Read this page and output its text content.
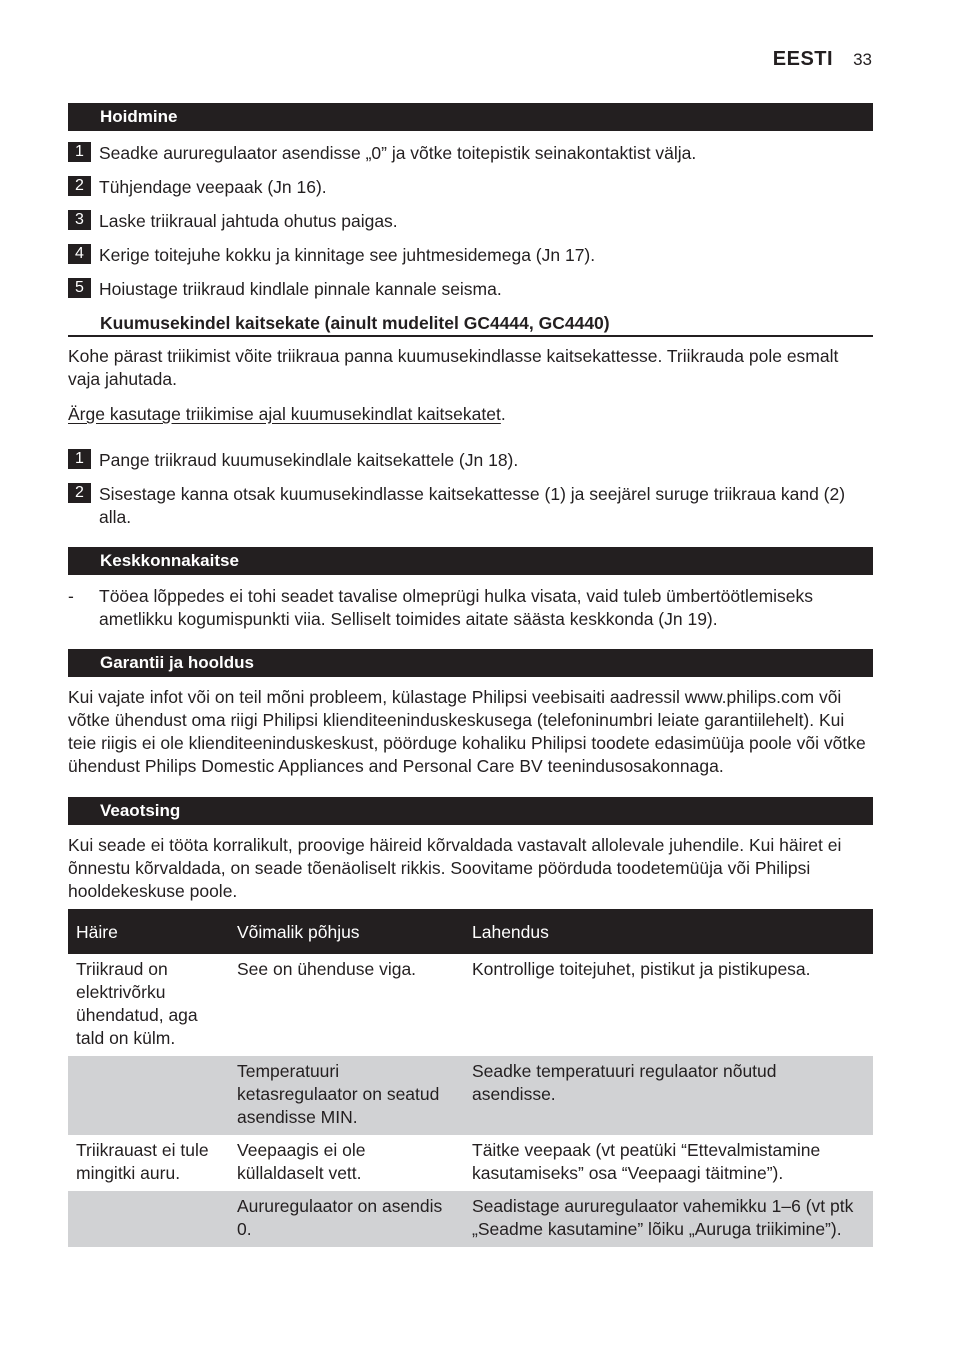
EESTI 33
Hoidmine
1 Seadke aururegulaator asendisse „0” ja võtke toitepistik seinakontaktist välja.
2 Tühjendage veepaak (Jn 16).
3 Laske triikraual jahtuda ohutus paigas.
4 Kerige toitejuhe kokku ja kinnitage see juhtmesidemega (Jn 17).
5 Hoiustage triikraud kindlale pinnale kannale seisma.
Kuumusekindel kaitsekate (ainult mudelitel GC4444, GC4440)
Kohe pärast triikimist võite triikraua panna kuumusekindlasse kaitsekattesse. Triikrauda pole esmalt vaja jahutada.
Ärge kasutage triikimise ajal kuumusekindlat kaitsekatet.
1 Pange triikraud kuumusekindlale kaitsekattele (Jn 18).
2 Sisestage kanna otsak kuumusekindlasse kaitsekattesse (1) ja seejärel suruge triikraua kand (2) alla.
Keskkonnakaitse
- Tööea lõppedes ei tohi seadet tavalise olmeprügi hulka visata, vaid tuleb ümbertöötlemiseks ametlikku kogumispunkti viia. Selliselt toimides aitate säästa keskkonda (Jn 19).
Garantii ja hooldus
Kui vajate infot või on teil mõni probleem, külastage Philipsi veebisaiti aadressil www.philips.com või võtke ühendust oma riigi Philipsi klienditeeninduskeskusega (telefoninumbri leiate garantiilehelt). Kui teie riigis ei ole klienditeeninduskeskust, pöörduge kohaliku Philipsi toodete edasimüüja poole või võtke ühendust Philips Domestic Appliances and Personal Care BV teenindusosakonnaga.
Veaotsing
Kui seade ei tööta korralikult, proovige häireid kõrvaldada vastavalt allolevale juhendile. Kui häiret ei õnnestu kõrvaldada, on seade tõenäoliselt rikkis. Soovitame pöörduda toodetemüüja või Philipsi hooldekeskuse poole.
Häire	Võimalik põhjus	Lahendus
Triikraud on elektrivõrku ühendatud, aga tald on külm.	See on ühenduse viga.	Kontrollige toitejuhet, pistikut ja pistikupesa.
	Temperatuuri ketasregulaator on seatud asendisse MIN.	Seadke temperatuuri regulaator nõutud asendisse.
Triikrauast ei tule mingitki auru.	Veepaagis ei ole küllaldaselt vett.	Täitke veepaak (vt peatüki “Ettevalmistamine kasutamiseks” osa “Veepaagi täitmine”).
	Aururegulaator on asendis 0.	Seadistage aururegulaator vahemikku 1–6 (vt ptk „Seadme kasutamine” lõiku „Auruga triikimine”).
